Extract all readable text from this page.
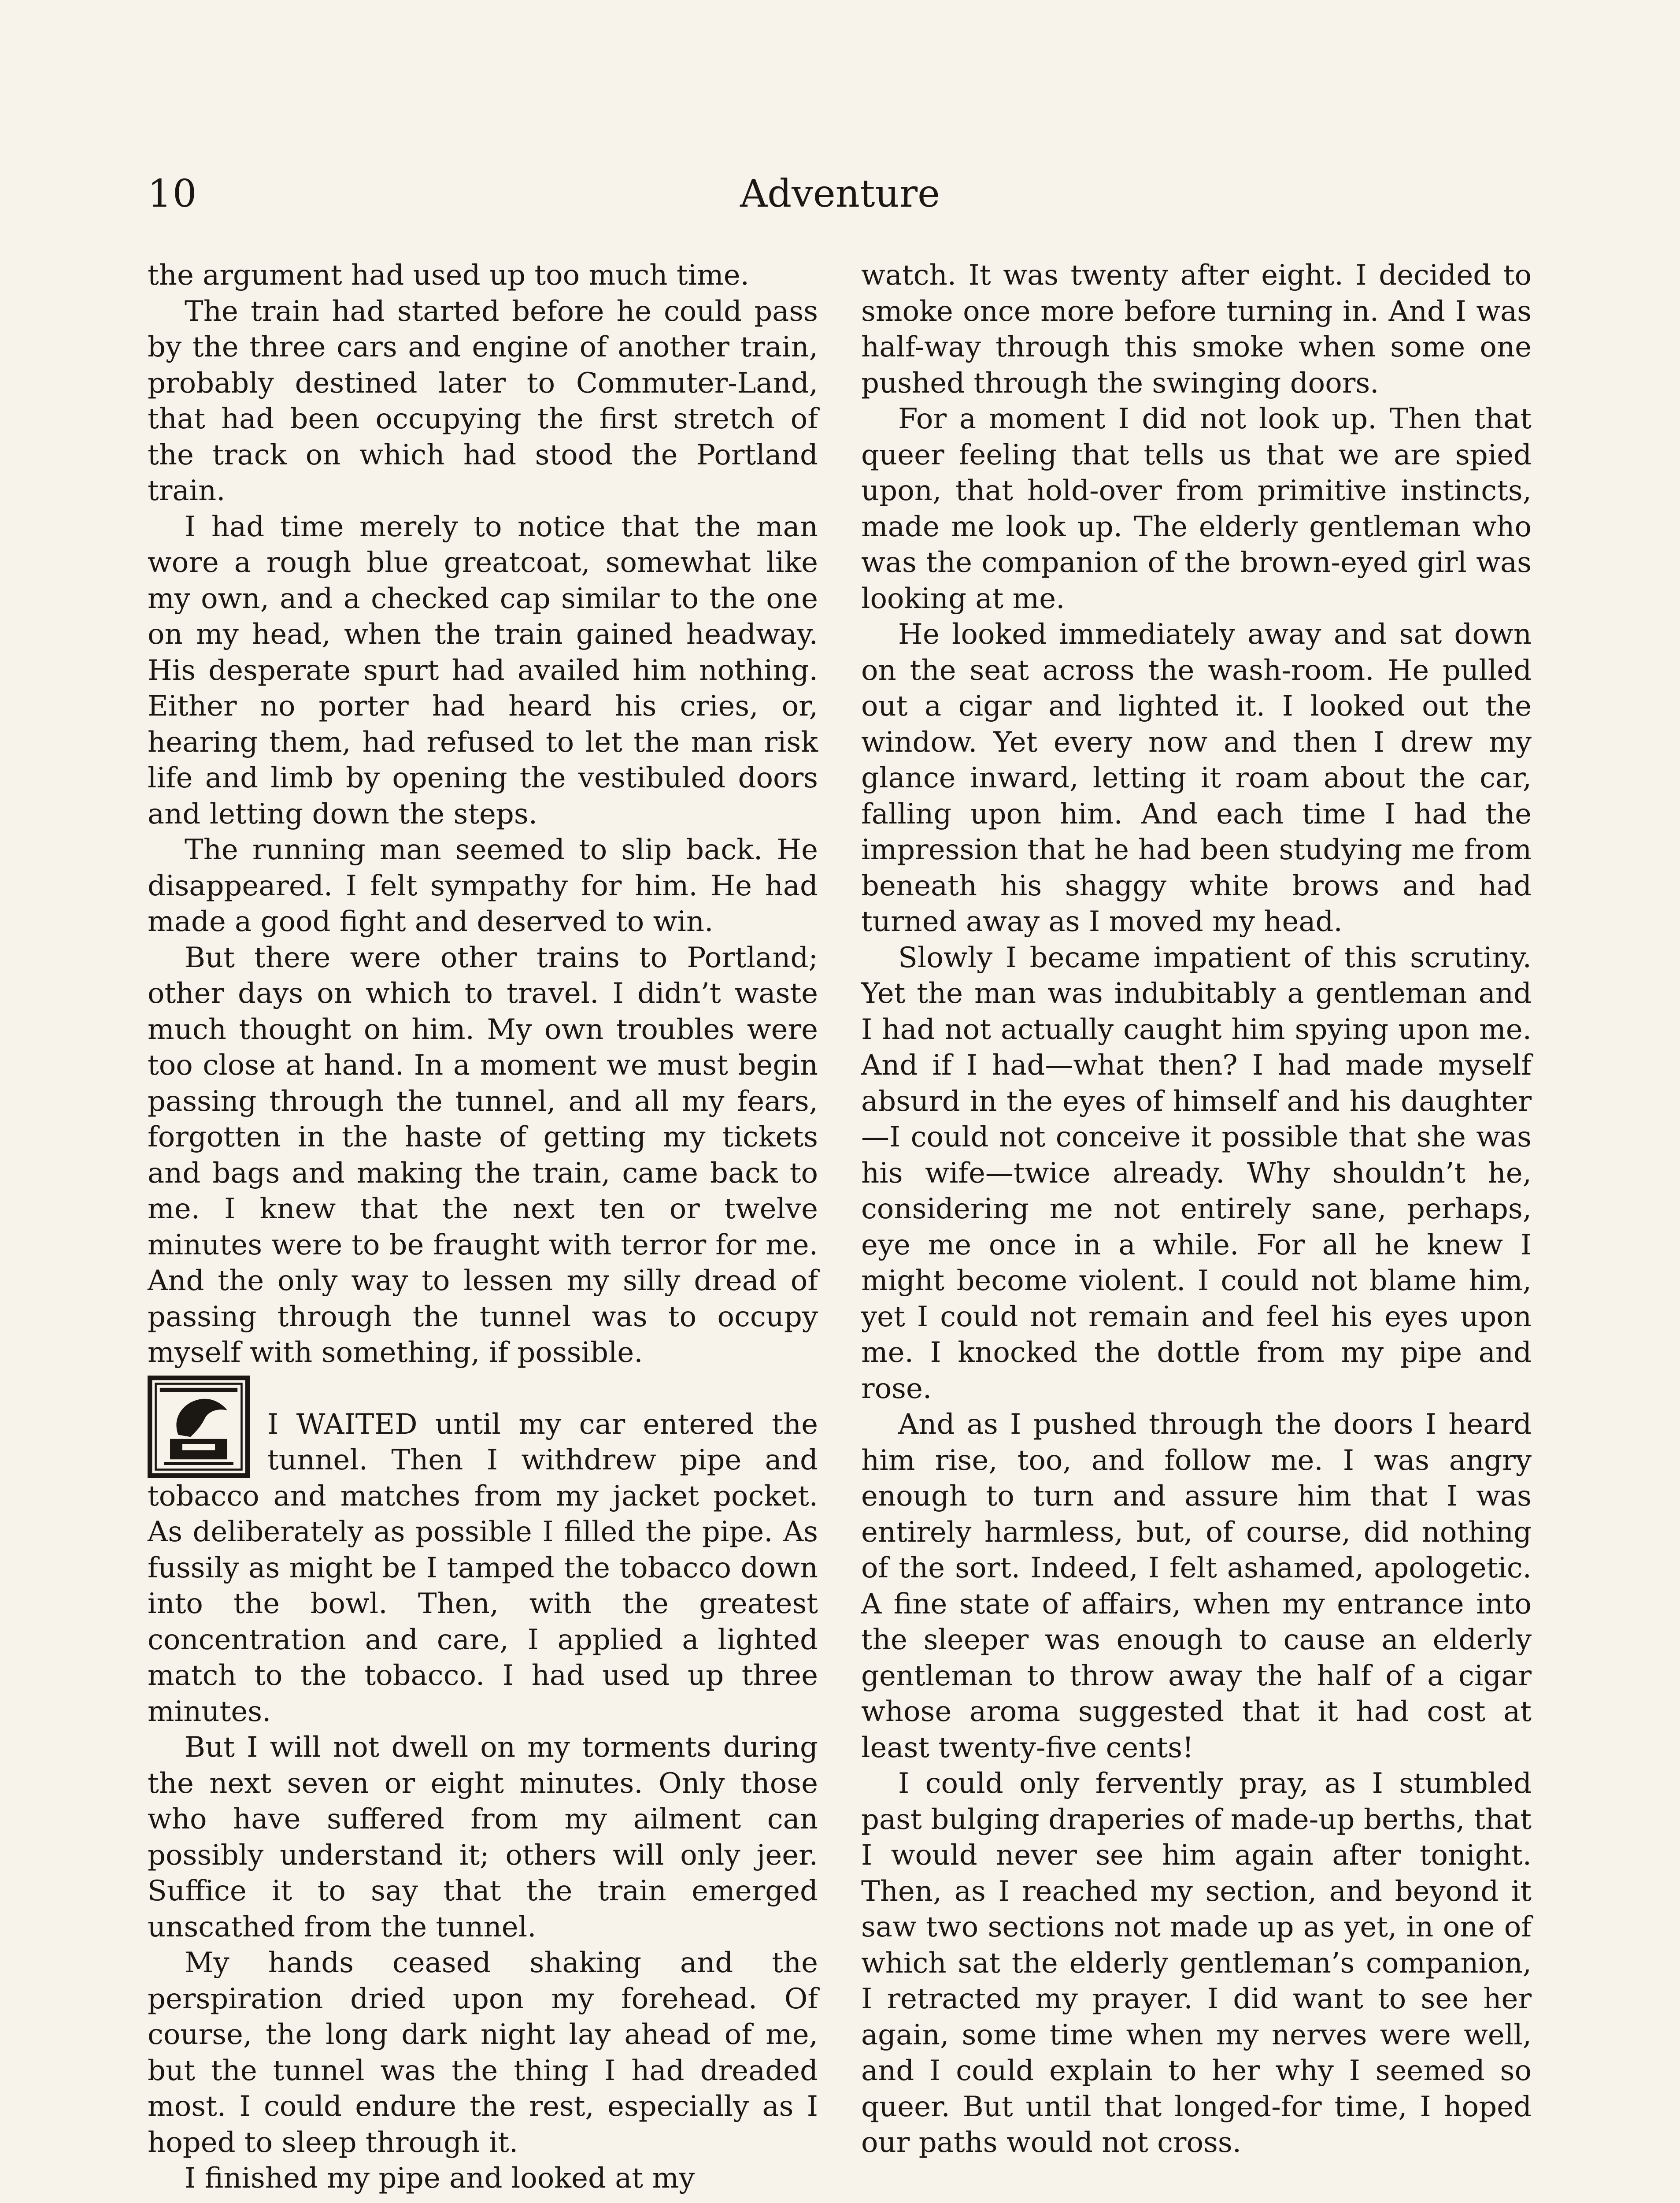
10	Adventure

the argument had used up too much time.

The train had started before he could pass by the three cars and engine of another train, probably destined later to Commuter-Land, that had been occupying the first stretch of the track on which had stood the Portland train.

I had time merely to notice that the man wore a rough blue greatcoat, somewhat like my own, and a checked cap similar to the one on my head, when the train gained headway. His desperate spurt had availed him nothing. Either no porter had heard his cries, or, hearing them, had refused to let the man risk life and limb by opening the vestibuled doors and letting down the steps.

The running man seemed to slip back. He disappeared. I felt sympathy for him. He had made a good fight and deserved to win.

But there were other trains to Portland; other days on which to travel. I didn’t waste much thought on him. My own troubles were too close at hand. In a moment we must begin passing through the tunnel, and all my fears, forgotten in the haste of getting my tickets and bags and making the train, came back to me. I knew that the next ten or twelve minutes were to be fraught with terror for me. And the only way to lessen my silly dread of passing through the tunnel was to occupy myself with something, if possible.

I WAITED until my car entered the tunnel. Then I withdrew pipe and tobacco and matches from my jacket pocket. As deliberately as possible I filled the pipe. As fussily as might be I tamped the tobacco down into the bowl. Then, with the greatest concentration and care, I applied a lighted match to the tobacco. I had used up three minutes.

But I will not dwell on my torments during the next seven or eight minutes. Only those who have suffered from my ailment can possibly understand it; others will only jeer. Suffice it to say that the train emerged unscathed from the tunnel.

My hands ceased shaking and the perspiration dried upon my forehead. Of course, the long dark night lay ahead of me, but the tunnel was the thing I had dreaded most. I could endure the rest, especially as I hoped to sleep through it.

I finished my pipe and looked at my

watch. It was twenty after eight. I decided to smoke once more before turning in. And I was half-way through this smoke when some one pushed through the swinging doors.

For a moment I did not look up. Then that queer feeling that tells us that we are spied upon, that hold-over from primitive instincts, made me look up. The elderly gentleman who was the companion of the brown-eyed girl was looking at me.

He looked immediately away and sat down on the seat across the wash-room. He pulled out a cigar and lighted it. I looked out the window. Yet every now and then I drew my glance inward, letting it roam about the car, falling upon him. And each time I had the impression that he had been studying me from beneath his shaggy white brows and had turned away as I moved my head.

Slowly I became impatient of this scrutiny. Yet the man was indubitably a gentleman and I had not actually caught him spying upon me. And if I had—what then? I had made myself absurd in the eyes of himself and his daughter—I could not conceive it possible that she was his wife—twice already. Why shouldn’t he, considering me not entirely sane, perhaps, eye me once in a while. For all he knew I might become violent. I could not blame him, yet I could not remain and feel his eyes upon me. I knocked the dottle from my pipe and rose.

And as I pushed through the doors I heard him rise, too, and follow me. I was angry enough to turn and assure him that I was entirely harmless, but, of course, did nothing of the sort. Indeed, I felt ashamed, apologetic. A fine state of affairs, when my entrance into the sleeper was enough to cause an elderly gentleman to throw away the half of a cigar whose aroma suggested that it had cost at least twenty-five cents!

I could only fervently pray, as I stumbled past bulging draperies of made-up berths, that I would never see him again after tonight. Then, as I reached my section, and beyond it saw two sections not made up as yet, in one of which sat the elderly gentleman’s companion, I retracted my prayer. I did want to see her again, some time when my nerves were well, and I could explain to her why I seemed so queer. But until that longed-for time, I hoped our paths would not cross.
